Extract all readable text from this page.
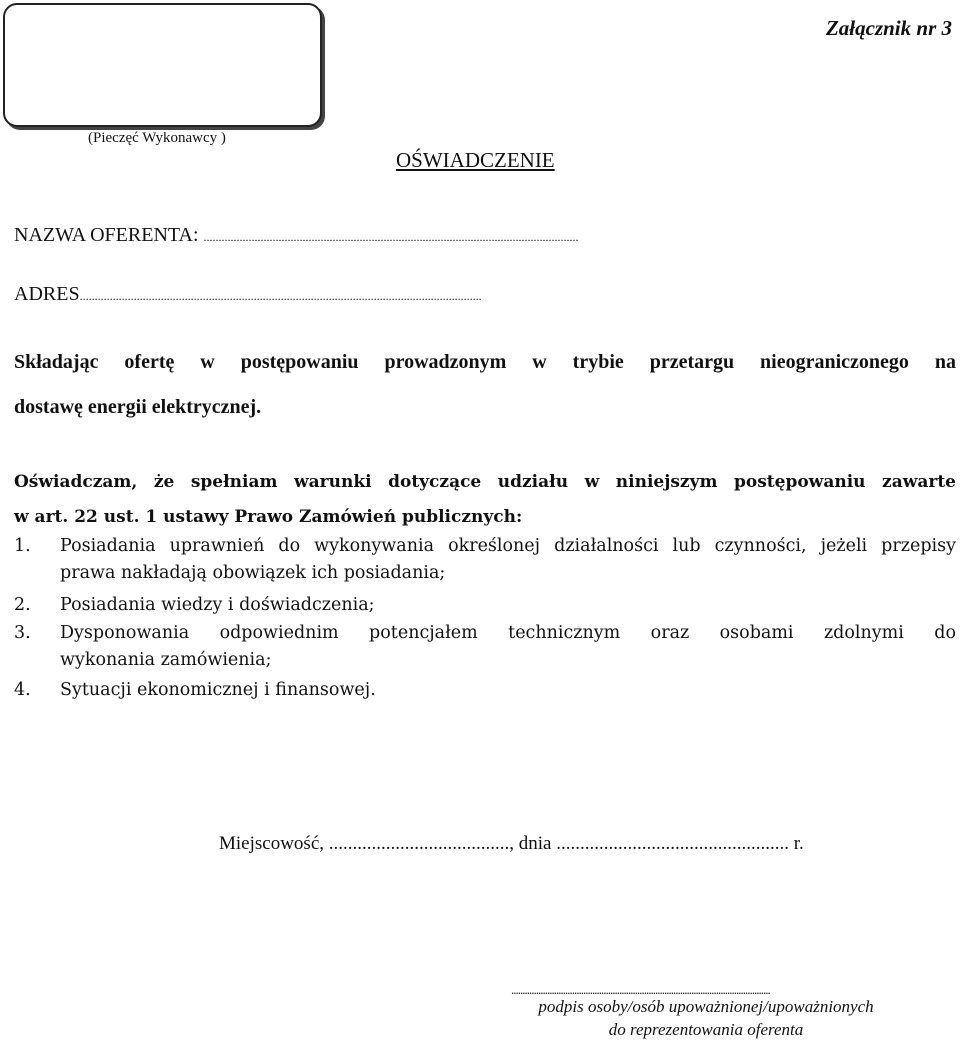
(Pieczęć Wykonawcy )
Załącznik nr 3
OŚWIADCZENIE
NAZWA OFERENTA: .............................................................................................................................
ADRES......................................................................................................................................
Składając ofertę w postępowaniu prowadzonym w trybie przetargu nieograniczonego na
dostawę energii elektrycznej.
Oświadczam, że spełniam warunki dotyczące udziału w niniejszym postępowaniu zawarte
w art. 22 ust. 1 ustawy Prawo Zamówień publicznych:
1. Posiadania uprawnień do wykonywania określonej działalności lub czynności, jeżeli przepisy
prawa nakładają obowiązek ich posiadania;
2. Posiadania wiedzy i doświadczenia;
3. Dysponowania odpowiednim potencjałem technicznym oraz osobami zdolnymi do
wykonania zamówienia;
4. Sytuacji ekonomicznej i finansowej.
Miejscowość, ......................................, dnia ................................................. r.
...................................................................................................................
podpis osoby/osób upoważnionej/upoważnionych
do reprezentowania oferenta
